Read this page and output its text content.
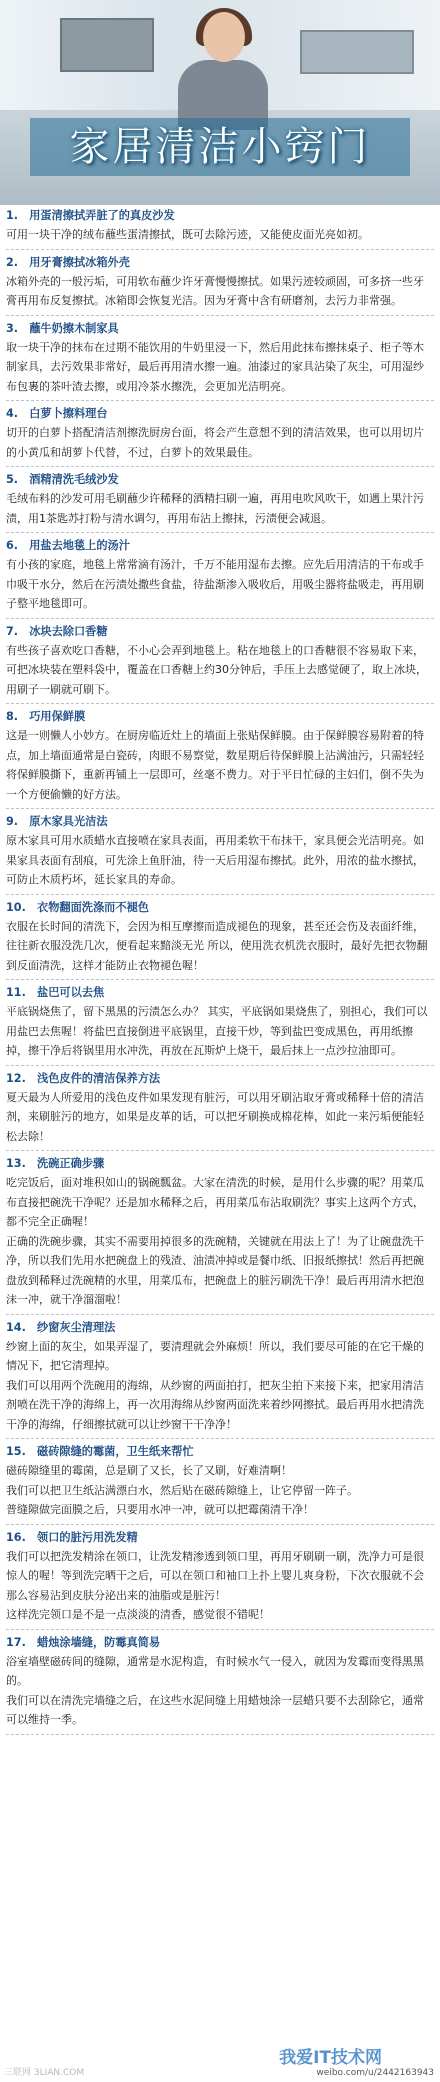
家居清洁小窍门
1.　用蛋清擦拭弄脏了的真皮沙发
可用一块干净的绒布蘸些蛋清擦拭，既可去除污迹，又能使皮面光亮如初。
2.　用牙膏擦拭冰箱外壳
冰箱外壳的一般污垢，可用软布蘸少许牙膏慢慢擦拭。如果污迹较顽固，可多挤一些牙膏再用布反复擦拭。冰箱即会恢复光洁。因为牙膏中含有研磨剂，去污力非常强。
3.　蘸牛奶擦木制家具
取一块干净的抹布在过期不能饮用的牛奶里浸一下，然后用此抹布擦抹桌子、柜子等木制家具，去污效果非常好，最后再用清水擦一遍。油漆过的家具沾染了灰尘，可用湿纱布包裹的茶叶渣去擦，或用冷茶水擦洗，会更加光洁明亮。
4.　白萝卜擦料理台
切开的白萝卜搭配清洁剂擦洗厨房台面，将会产生意想不到的清洁效果，也可以用切片的小黄瓜和胡萝卜代替，不过，白萝卜的效果最佳。
5.　酒精清洗毛绒沙发
毛绒布料的沙发可用毛刷蘸少许稀释的酒精扫刷一遍，再用电吹风吹干，如遇上果汁污渍，用1茶匙苏打粉与清水调匀，再用布沾上擦抹，污渍便会减退。
6.　用盐去地毯上的汤汁
有小孩的家庭，地毯上常常滴有汤汁，千万不能用湿布去擦。应先后用清洁的干布或手巾吸干水分，然后在污渍处撒些食盐，待盐渐渗入吸收后，用吸尘器将盐吸走，再用刷子整平地毯即可。
7.　冰块去除口香糖
有些孩子喜欢吃口香糖，不小心会弄到地毯上。粘在地毯上的口香糖很不容易取下来，可把冰块装在塑料袋中，覆盖在口香糖上约30分钟后，手压上去感觉硬了，取上冰块，用刷子一刷就可刷下。
8.　巧用保鲜膜
这是一则懒人小妙方。在厨房临近灶上的墙面上张贴保鲜膜。由于保鲜膜容易附着的特点，加上墙面通常是白瓷砖，肉眼不易察觉，数星期后待保鲜膜上沾满油污，只需轻轻将保鲜膜撕下，重新再铺上一层即可，丝毫不费力。对于平日忙碌的主妇们，倒不失为一个方便偷懒的好方法。
9.　原木家具光洁法
原木家具可用水质蜡水直接喷在家具表面，再用柔软干布抹干，家具便会光洁明亮。如果家具表面有刮痕，可先涂上鱼肝油，待一天后用湿布擦拭。此外，用浓的盐水擦拭，可防止木质朽坏，延长家具的寿命。
10.　衣物翻面洗涤而不褪色
衣服在长时间的清洗下，会因为相互摩擦而造成褪色的现象，甚至还会伤及表面纤维，往往新衣服没洗几次，便看起来黯淡无光 所以，使用洗衣机洗衣服时，最好先把衣物翻到反面清洗，这样才能防止衣物褪色喔！
11.　盐巴可以去焦
平底锅烧焦了，留下黑黑的污渍怎么办？ 其实，平底锅如果烧焦了，别担心，我们可以用盐巴去焦喔！将盐巴直接倒进平底锅里，直接干炒，等到盐巴变成黑色，再用纸擦掉，擦干净后将锅里用水冲洗，再放在瓦斯炉上烧干，最后抹上一点沙拉油即可。
12.　浅色皮件的清洁保养方法
夏天最为人所爱用的浅色皮件如果发现有脏污，可以用牙刷沾取牙膏或稀释十倍的清洁剂，来刷脏污的地方，如果是皮革的话，可以把牙刷换成棉花棒，如此一来污垢便能轻松去除！
13.　洗碗正确步骤
吃完饭后，面对堆积如山的锅碗瓢盆。大家在清洗的时候，是用什么步骤的呢？用菜瓜布直接把碗洗干净呢？还是加水稀释之后，再用菜瓜布沾取刷洗？事实上这两个方式，都不完全正确喔！
正确的洗碗步骤，其实不需要用掉很多的洗碗精，关键就在用法上了！为了让碗盘洗干净，所以我们先用水把碗盘上的残渣、油渍冲掉或是餐巾纸、旧报纸擦拭！然后再把碗盘放到稀释过洗碗精的水里，用菜瓜布，把碗盘上的脏污刷洗干净！最后再用清水把泡沫一冲，就干净溜溜啦！
14.　纱窗灰尘清理法
纱窗上面的灰尘，如果弄湿了，要清理就会外麻烦！所以，我们要尽可能的在它干燥的情况下，把它清理掉。
我们可以用两个洗碗用的海绵，从纱窗的两面拍打，把灰尘拍下来接下来，把家用清洁剂喷在洗干净的海绵上，再一次用海绵从纱窗两面洗来着纱网擦拭。最后再用水把清洗干净的海绵，仔细擦拭就可以让纱窗干干净净！
15.　磁砖隙缝的霉菌，卫生纸来帮忙
磁砖隙缝里的霉菌，总是刷了又长，长了又刷，好难清啊！
我们可以把卫生纸沾满漂白水，然后贴在磁砖隙缝上，让它停留一阵子。
普缝隙做完面膜之后，只要用水冲一冲，就可以把霉菌清干净！
16.　领口的脏污用洗发精
我们可以把洗发精涂在领口，让洗发精渗透到领口里，再用牙刷刷一刷，洗净力可是很惊人的喔！等到洗完晒干之后，可以在领口和袖口上扑上婴儿爽身粉，下次衣服就不会那么容易沾到皮肤分泌出来的油脂或是脏污！
这样洗完领口是不是一点淡淡的清香，感觉很不错呢！
17.　蜡烛涂墙缝，防霉真简易
浴室墙壁磁砖间的缝隙，通常是水泥构造，有时候水气一侵入，就因为发霉而变得黑黑的。
我们可以在清洗完墙缝之后，在这些水泥间缝上用蜡烛涂一层蜡只要不去刮除它，通常可以维持一季。
三联网 3LIAN.COM
我爱IT技术网
weibo.com/u/2442163943
